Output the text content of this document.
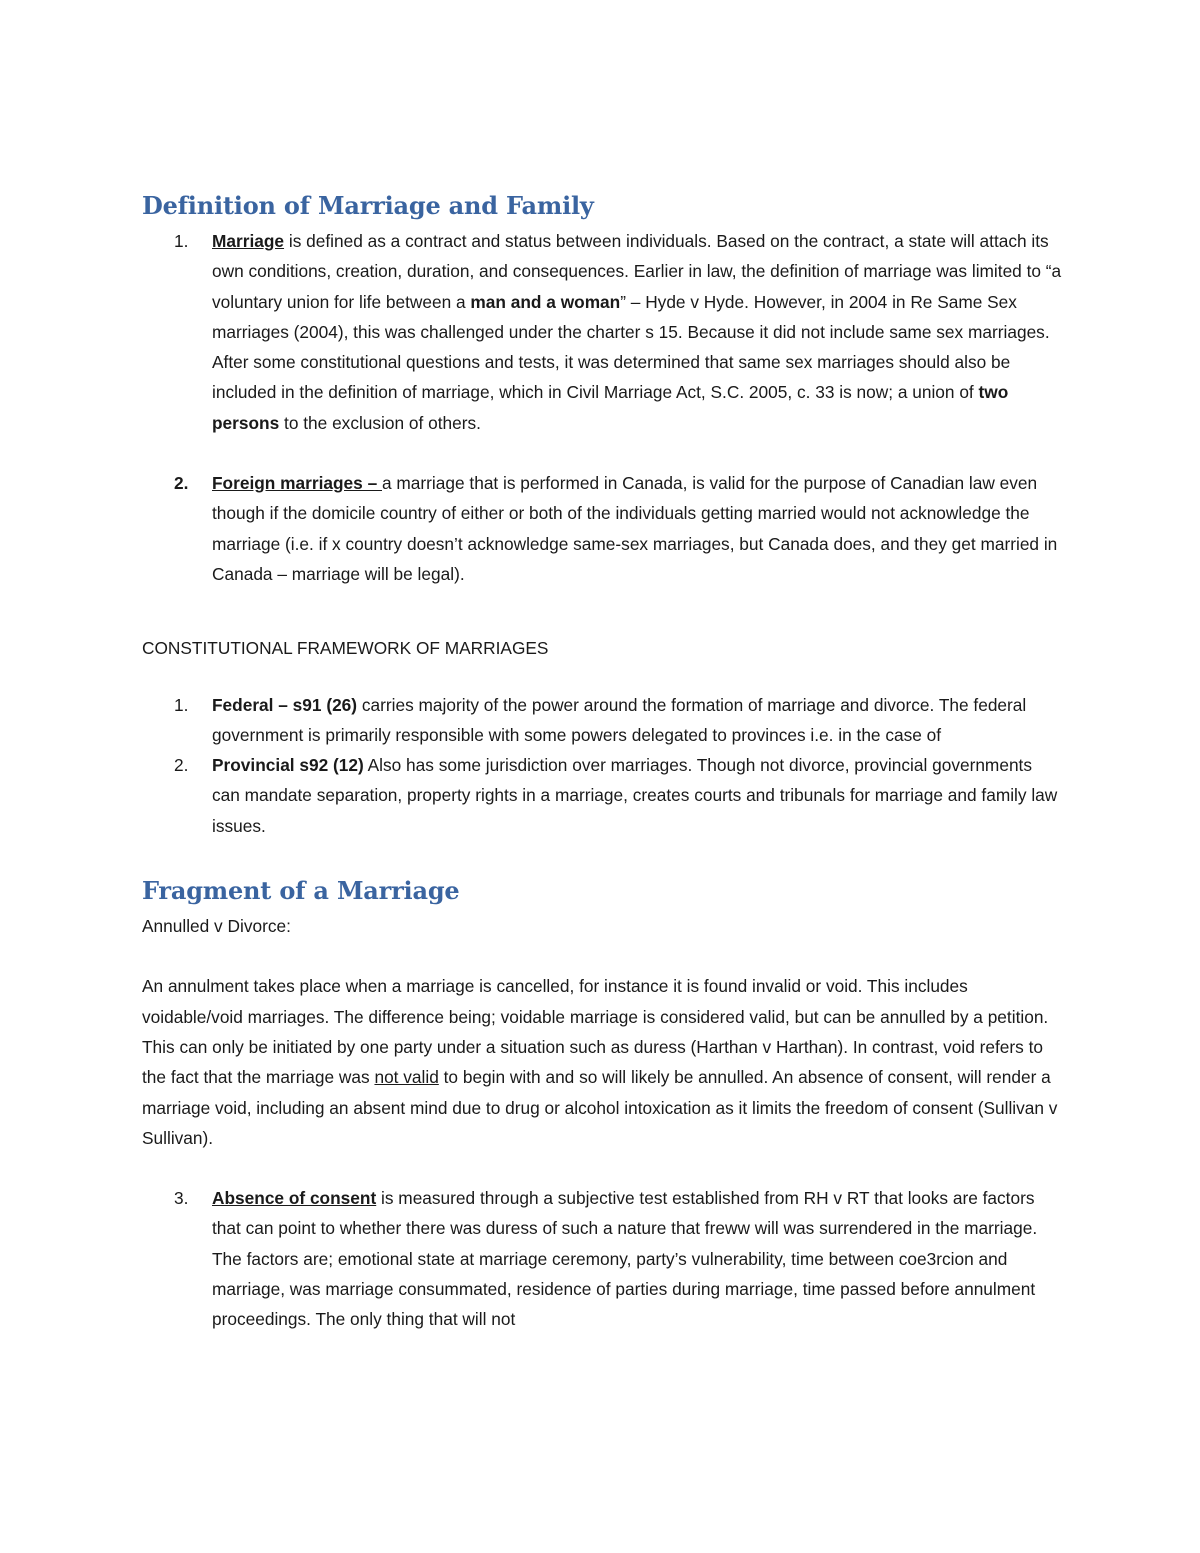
Definition of Marriage and Family
1. Marriage is defined as a contract and status between individuals. Based on the contract, a state will attach its own conditions, creation, duration, and consequences. Earlier in law, the definition of marriage was limited to “a voluntary union for life between a man and a woman” – Hyde v Hyde. However, in 2004 in Re Same Sex marriages (2004), this was challenged under the charter s 15. Because it did not include same sex marriages. After some constitutional questions and tests, it was determined that same sex marriages should also be included in the definition of marriage, which in Civil Marriage Act, S.C. 2005, c. 33 is now; a union of two persons to the exclusion of others.
2. Foreign marriages – a marriage that is performed in Canada, is valid for the purpose of Canadian law even though if the domicile country of either or both of the individuals getting married would not acknowledge the marriage (i.e. if x country doesn’t acknowledge same-sex marriages, but Canada does, and they get married in Canada – marriage will be legal).

CONSTITUTIONAL FRAMEWORK OF MARRIAGES

1. Federal – s91 (26) carries majority of the power around the formation of marriage and divorce. The federal government is primarily responsible with some powers delegated to provinces i.e. in the case of
2. Provincial s92 (12) Also has some jurisdiction over marriages. Though not divorce, provincial governments can mandate separation, property rights in a marriage, creates courts and tribunals for marriage and family law issues.
Fragment of a Marriage

Annulled v Divorce:

An annulment takes place when a marriage is cancelled, for instance it is found invalid or void. This includes voidable/void marriages. The difference being; voidable marriage is considered valid, but can be annulled by a petition. This can only be initiated by one party under a situation such as duress (Harthan v Harthan). In contrast, void refers to the fact that the marriage was not valid to begin with and so will likely be annulled. An absence of consent, will render a marriage void, including an absent mind due to drug or alcohol intoxication as it limits the freedom of consent (Sullivan v Sullivan).

3. Absence of consent is measured through a subjective test established from RH v RT that looks are factors that can point to whether there was duress of such a nature that freww will was surrendered in the marriage. The factors are; emotional state at marriage ceremony, party’s vulnerability, time between coe3rcion and marriage, was marriage consummated, residence of parties during marriage, time passed before annulment proceedings. The only thing that will not
